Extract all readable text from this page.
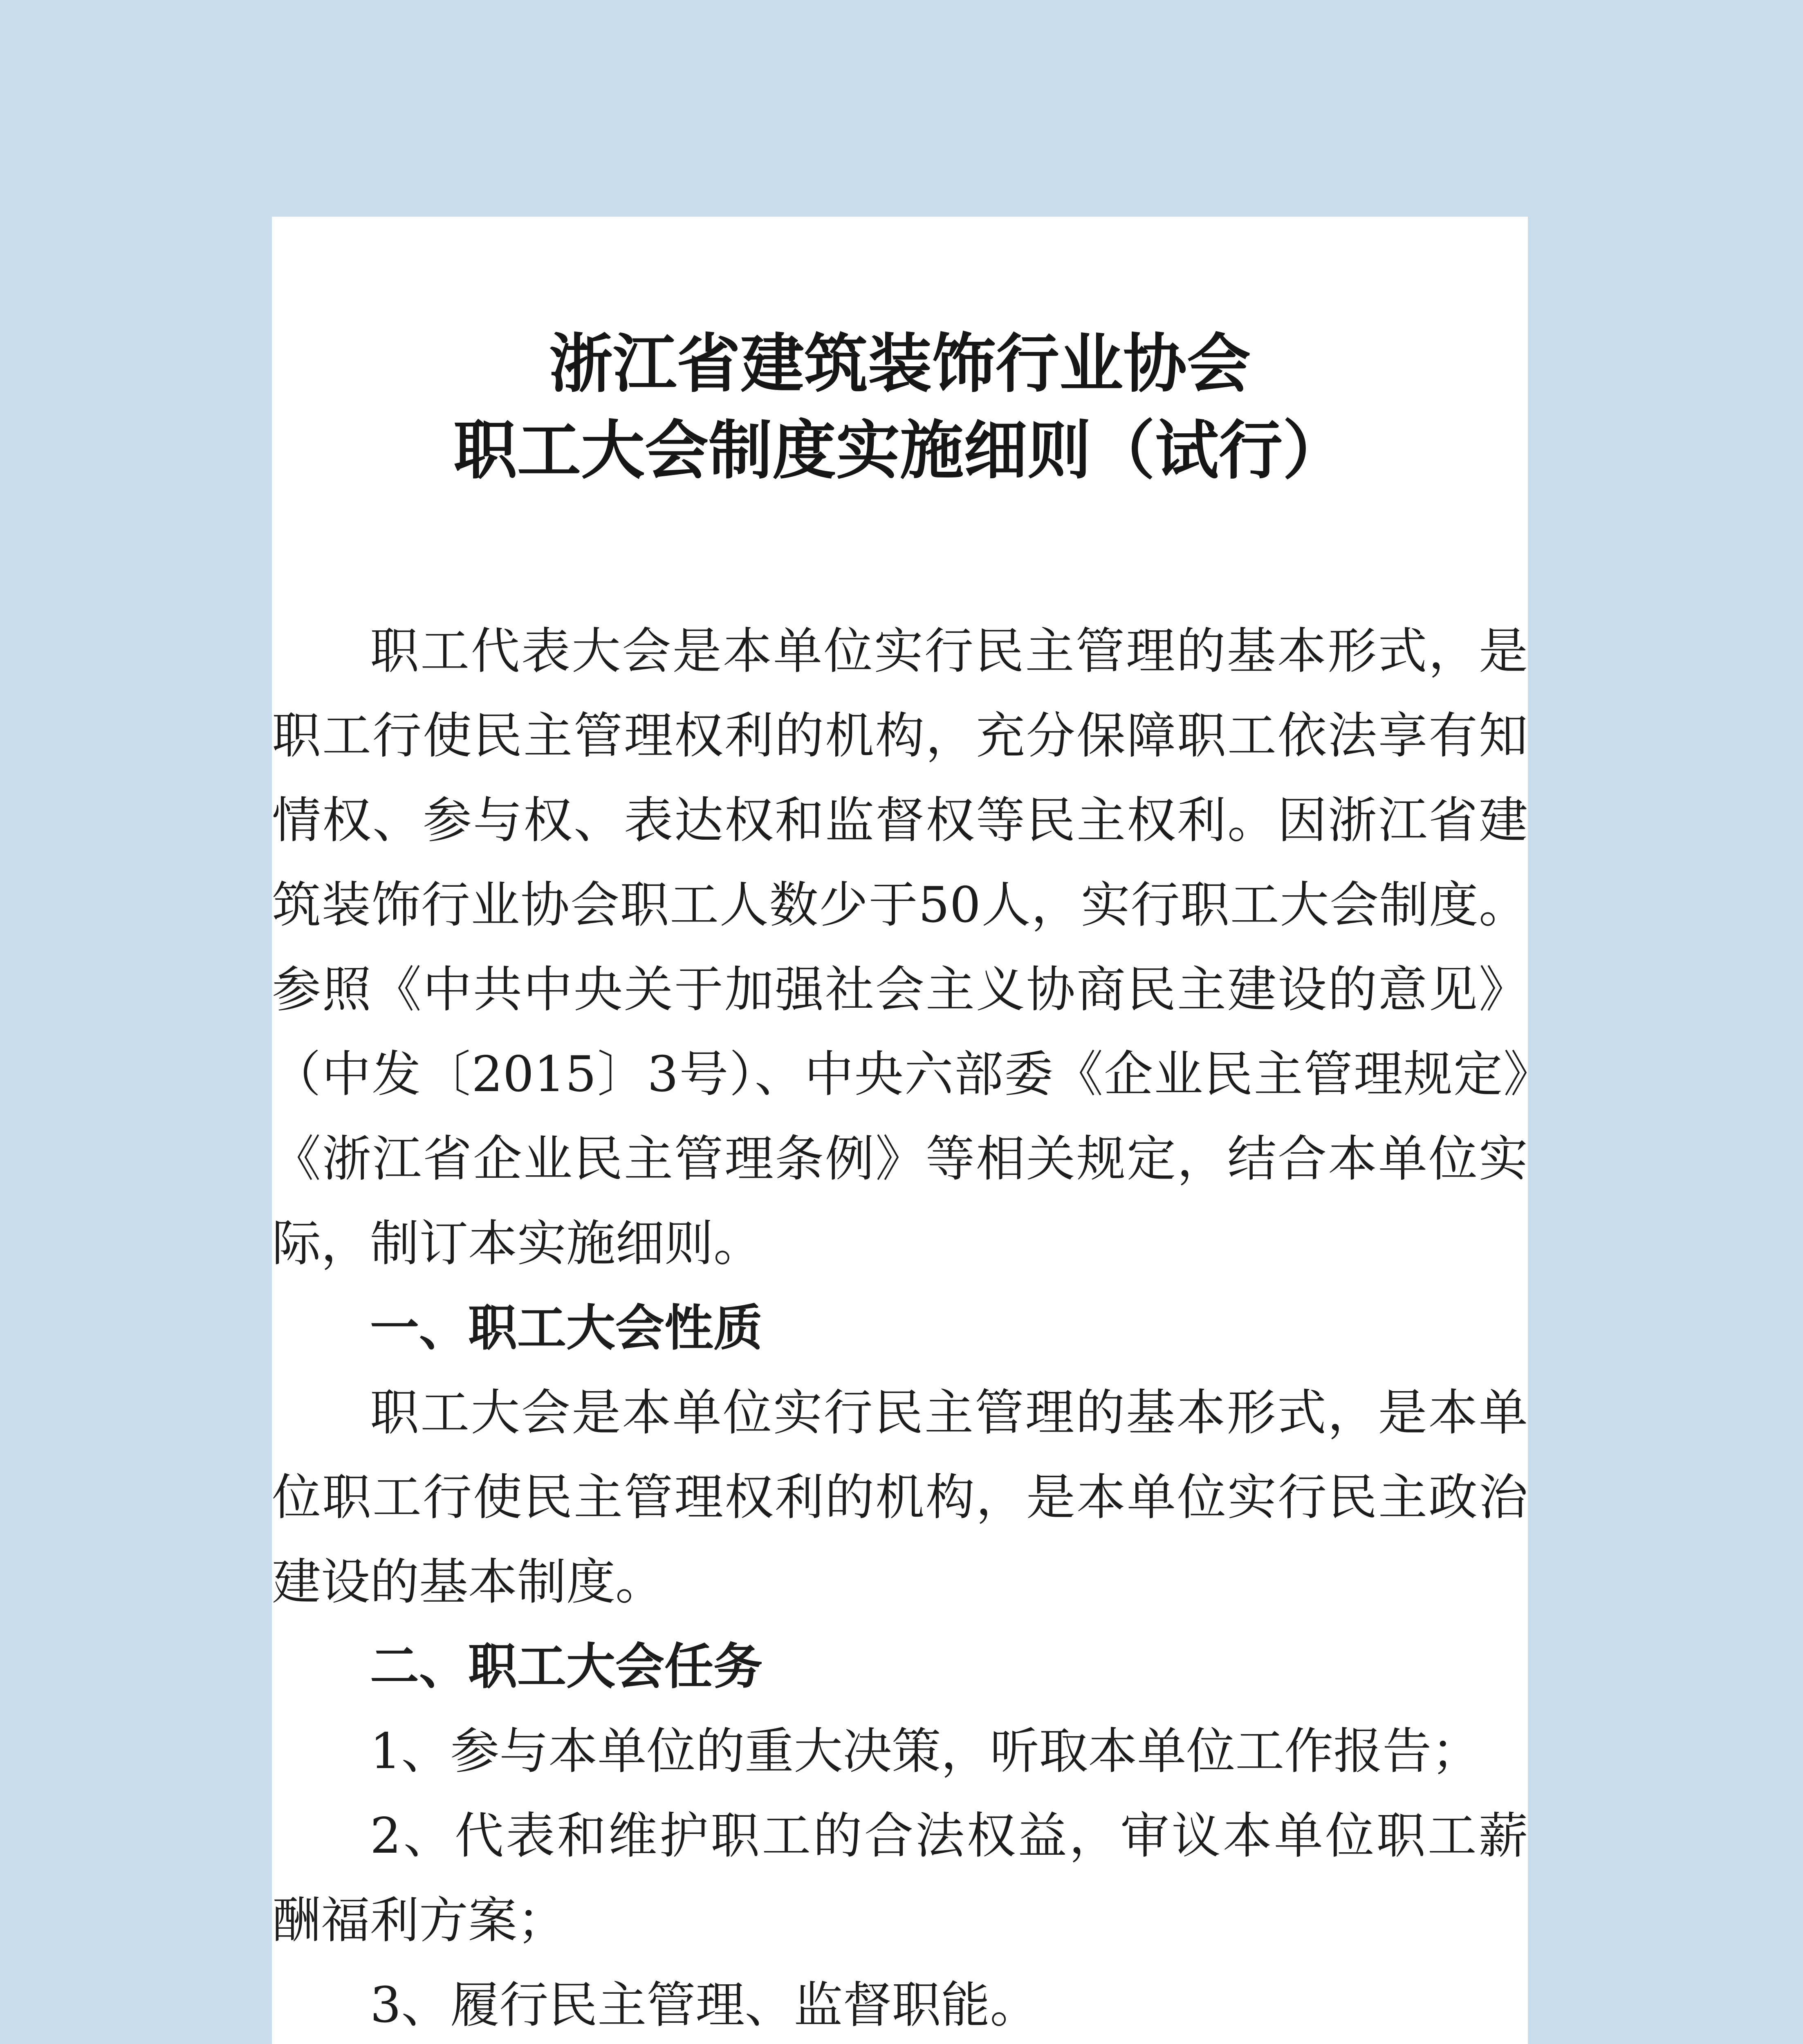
浙江省建筑装饰行业协会
职工大会制度实施细则（试行）

职工代表大会是本单位实行民主管理的基本形式，是职工行使民主管理权利的机构，充分保障职工依法享有知情权、参与权、表达权和监督权等民主权利。因浙江省建筑装饰行业协会职工人数少于50人，实行职工大会制度。参照《中共中央关于加强社会主义协商民主建设的意见》（中发〔2015〕3号）、中央六部委《企业民主管理规定》《浙江省企业民主管理条例》等相关规定，结合本单位实际，制订本实施细则。

一、职工大会性质

职工大会是本单位实行民主管理的基本形式，是本单位职工行使民主管理权利的机构，是本单位实行民主政治建设的基本制度。

二、职工大会任务

1、参与本单位的重大决策，听取本单位工作报告；

2、代表和维护职工的合法权益，审议本单位职工薪酬福利方案；

3、履行民主管理、监督职能。
